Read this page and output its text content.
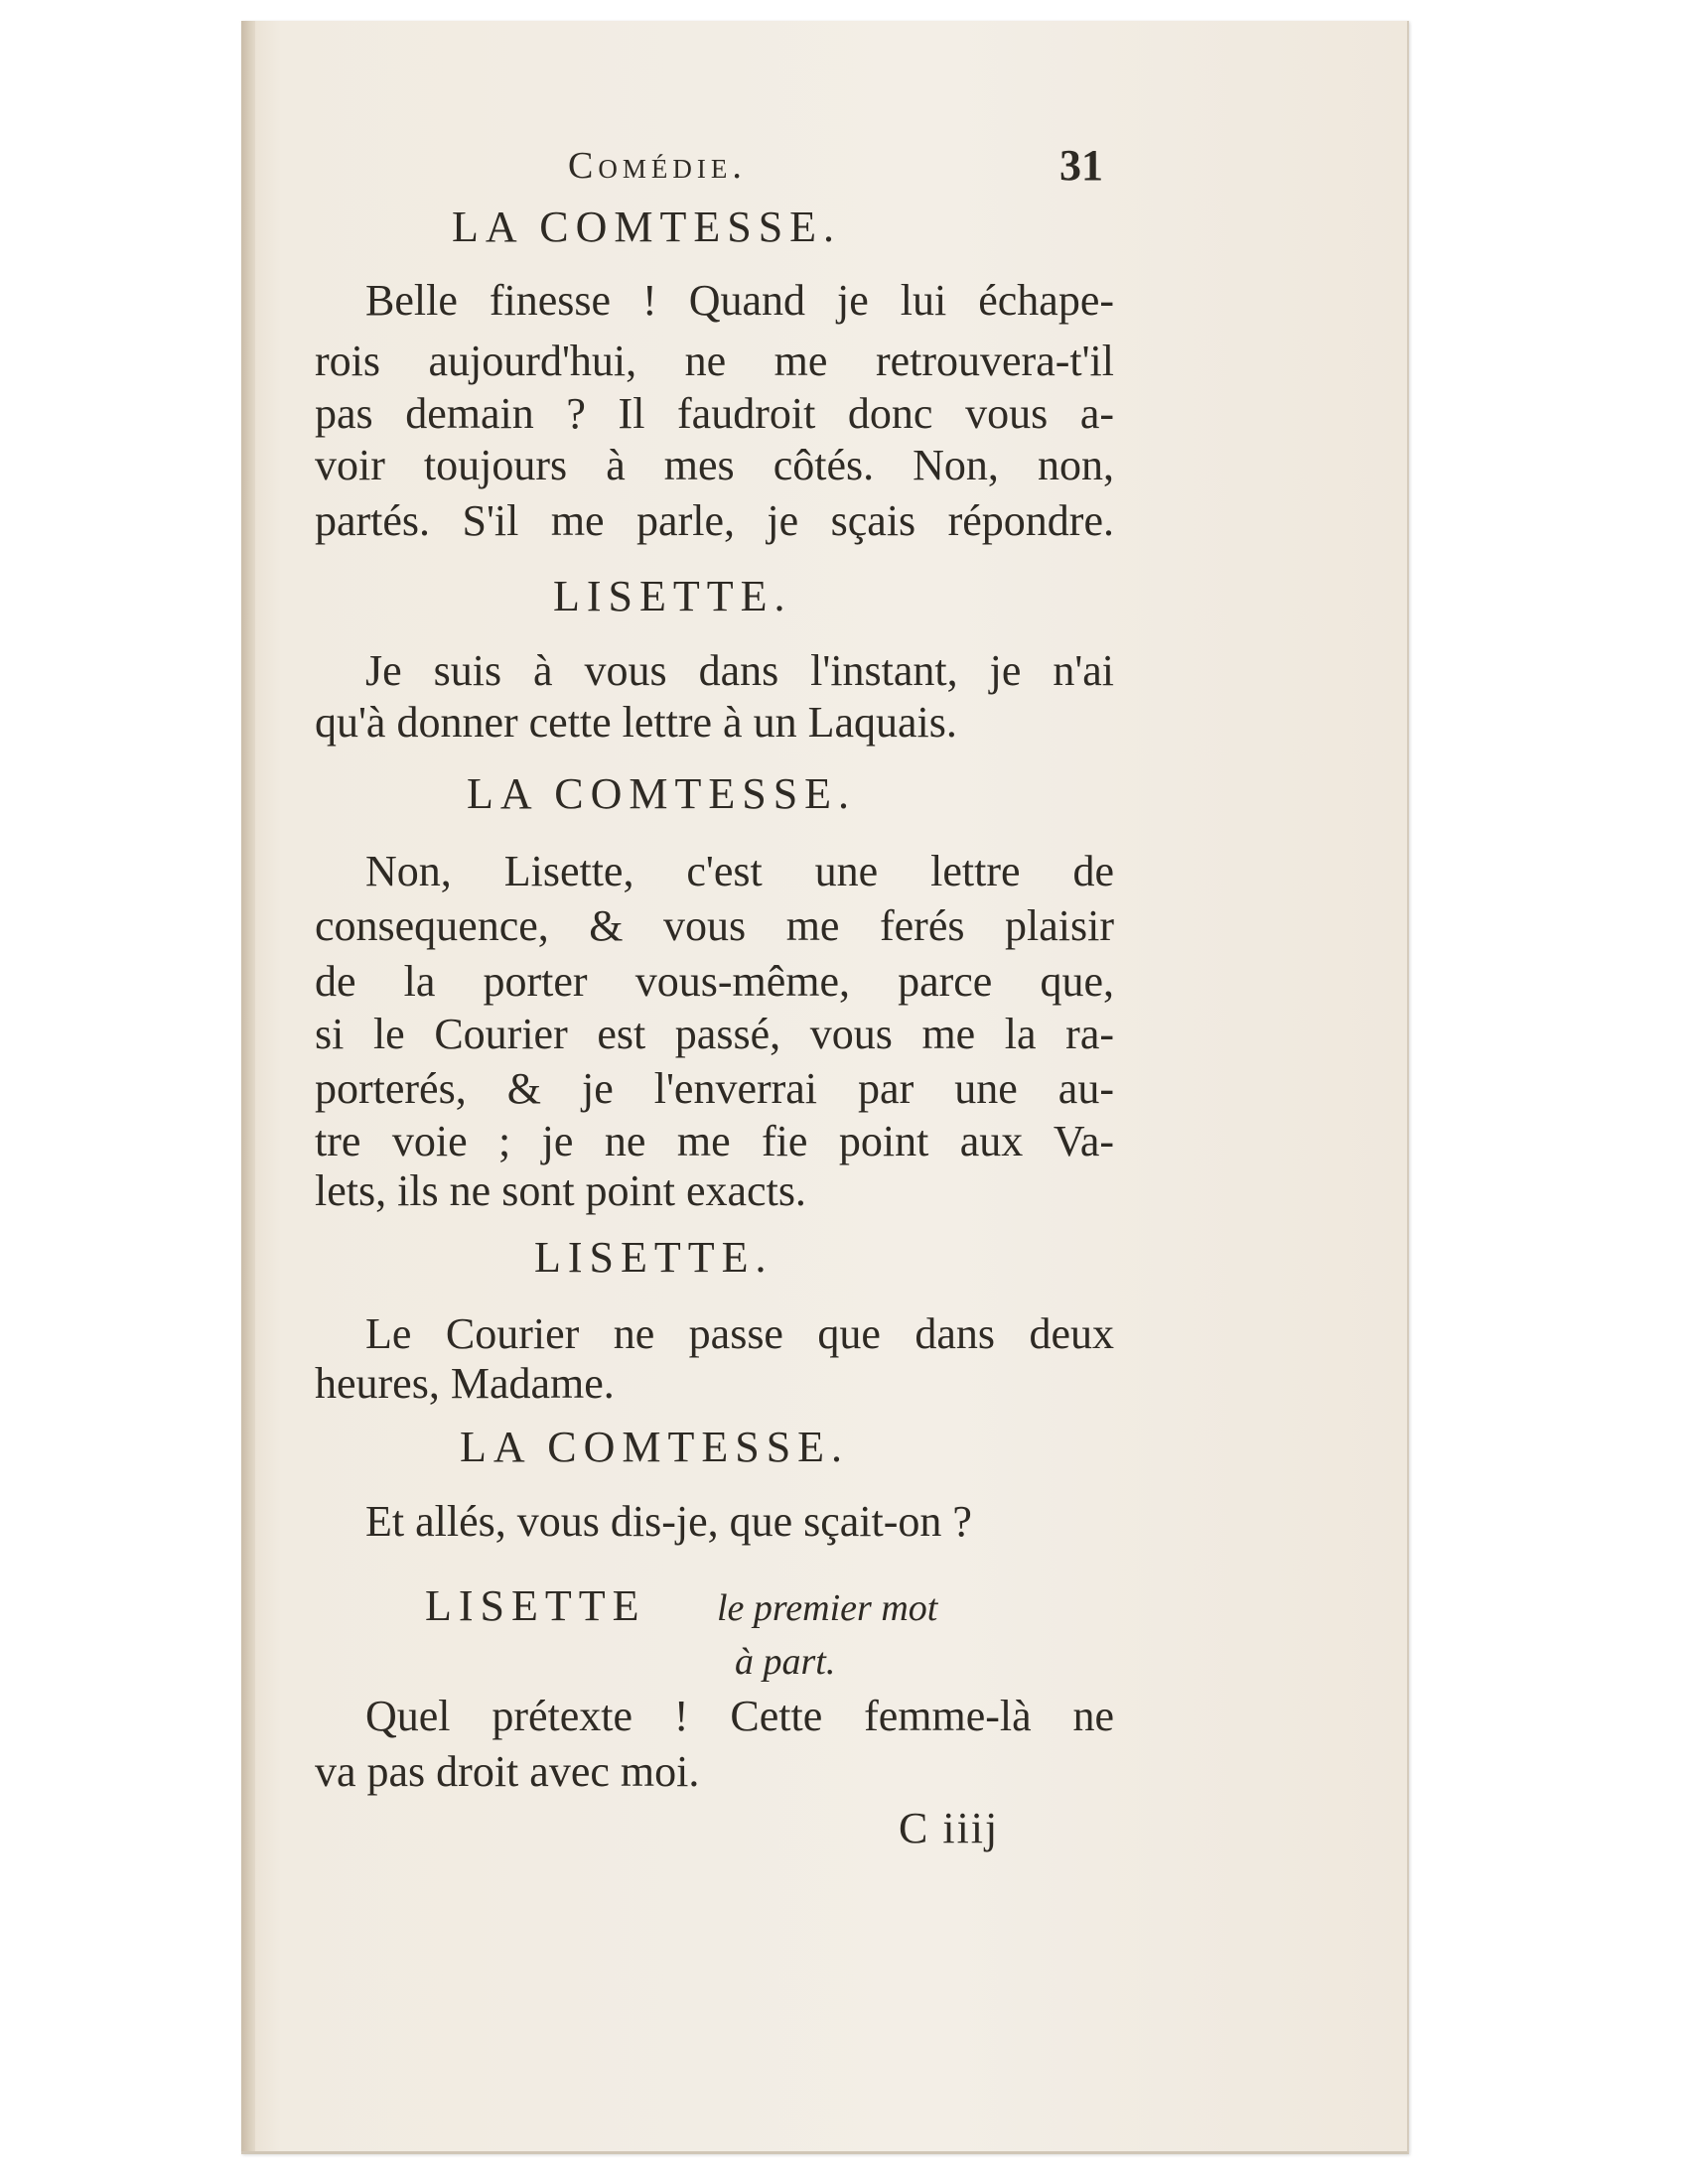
Comédie.	31
LA COMTESSE.
Belle finesse ! Quand je lui échape-
rois aujourd'hui, ne me retrouvera-t'il
pas demain ? Il faudroit donc vous a-
voir toujours à mes côtés. Non, non,
partés. S'il me parle, je sçais répondre.
LISETTE.
Je suis à vous dans l'instant, je n'ai
qu'à donner cette lettre à un Laquais.
LA COMTESSE.
Non, Lisette, c'est une lettre de
consequence, & vous me ferés plaisir
de la porter vous-même, parce que,
si le Courier est passé, vous me la ra-
porterés, & je l'enverrai par une au-
tre voie ; je ne me fie point aux Va-
lets, ils ne sont point exacts.
LISETTE.
Le Courier ne passe que dans deux
heures, Madame.
LA COMTESSE.
Et allés, vous dis-je, que sçait-on ?
LISETTE le premier mot
à part.
Quel prétexte ! Cette femme-là ne
va pas droit avec moi.
C iiij
